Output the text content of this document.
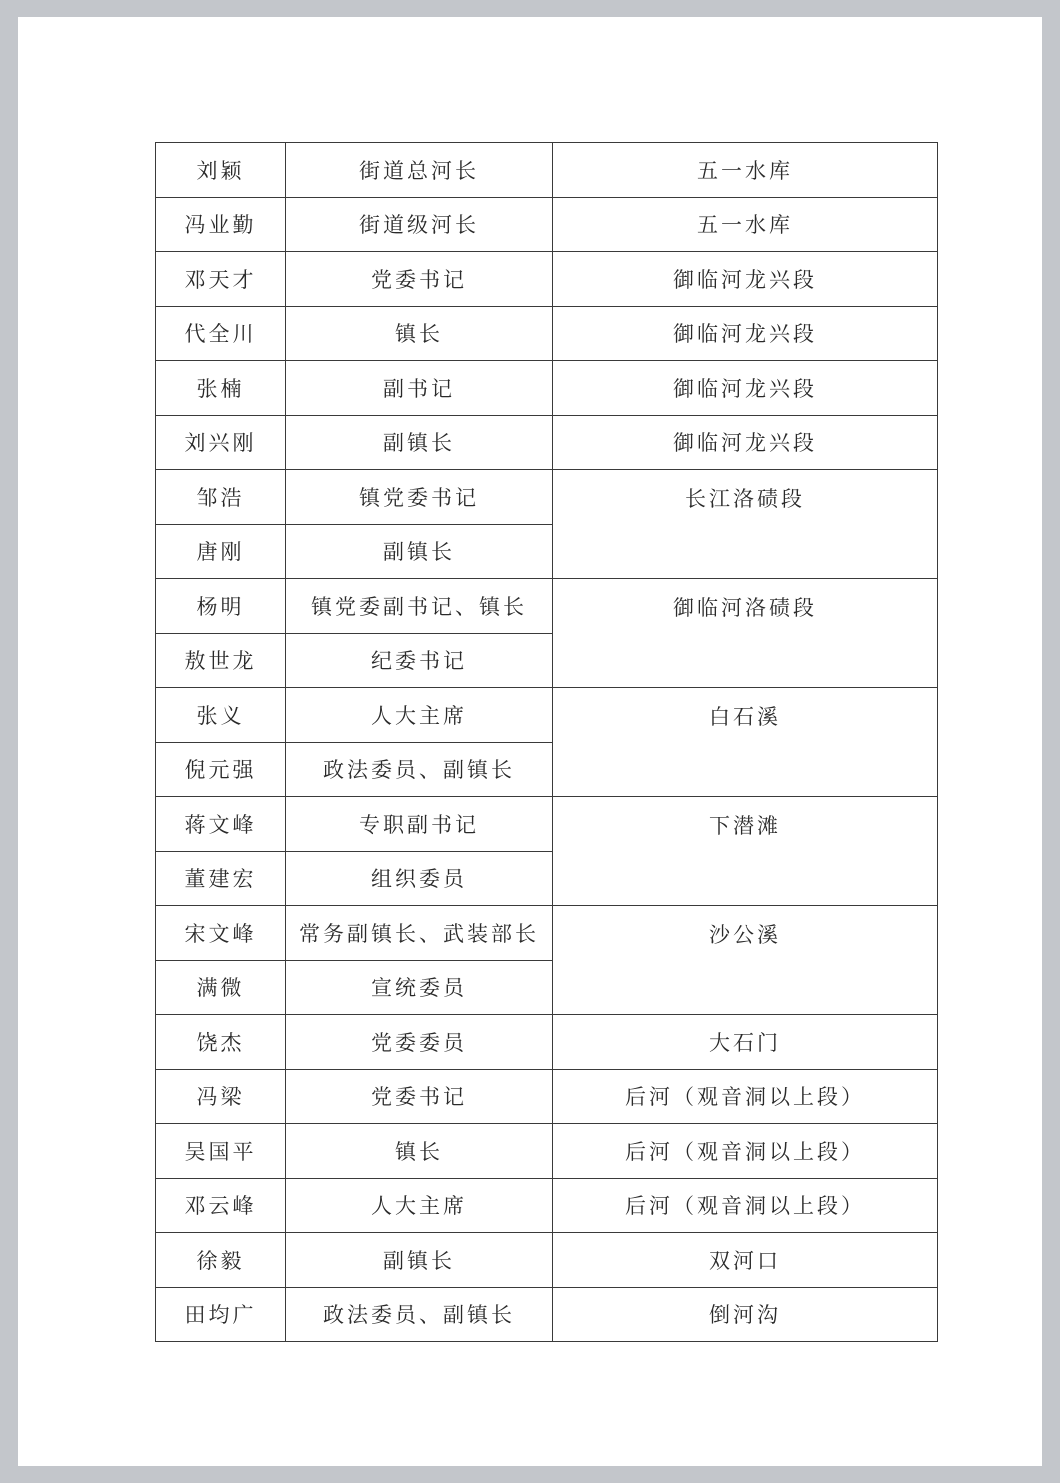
刘颖	街道总河长	五一水库
冯业勤	街道级河长	五一水库
邓天才	党委书记	御临河龙兴段
代全川	镇长	御临河龙兴段
张楠	副书记	御临河龙兴段
刘兴刚	副镇长	御临河龙兴段
邹浩	镇党委书记	长江洛碛段
唐刚	副镇长	
杨明	镇党委副书记、镇长	御临河洛碛段
敖世龙	纪委书记	
张义	人大主席	白石溪
倪元强	政法委员、副镇长	
蒋文峰	专职副书记	下潜滩
董建宏	组织委员	
宋文峰	常务副镇长、武装部长	沙公溪
满微	宣统委员	
饶杰	党委委员	大石门
冯梁	党委书记	后河（观音洞以上段）
吴国平	镇长	后河（观音洞以上段）
邓云峰	人大主席	后河（观音洞以上段）
徐毅	副镇长	双河口
田均广	政法委员、副镇长	倒河沟
